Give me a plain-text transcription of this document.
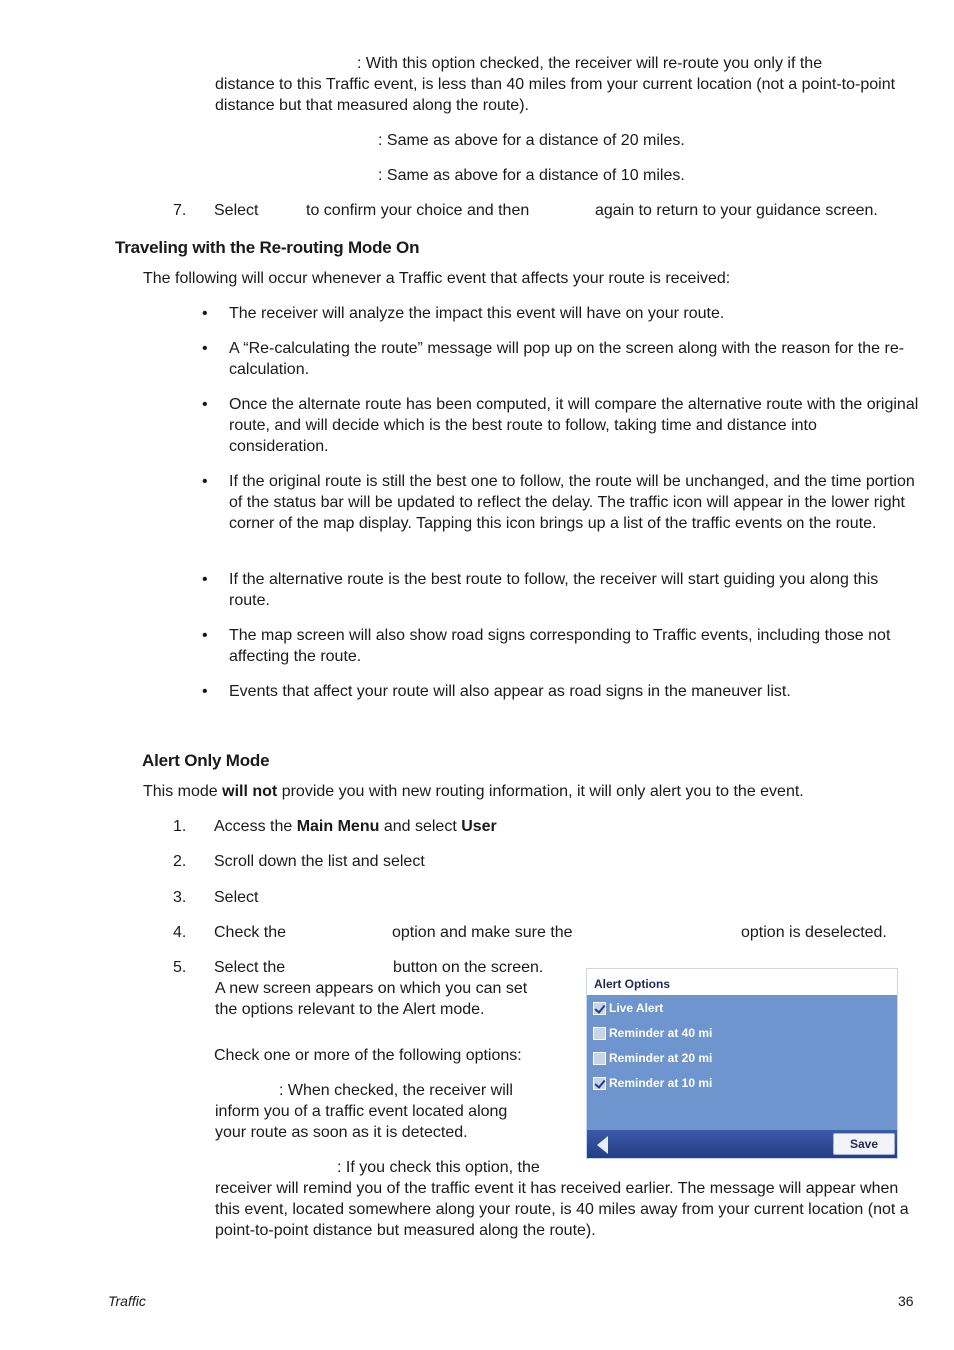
: With this option checked, the receiver will re-route you only if the
distance to this Traffic event, is less than 40 miles from your current location (not a point-to-point distance but that measured along the route).
: Same as above for a distance of 20 miles.
: Same as above for a distance of 10 miles.
7. Select	to confirm your choice and then	again to return to your guidance screen.
Traveling with the Re-routing Mode On
The following will occur whenever a Traffic event that affects your route is received:
• The receiver will analyze the impact this event will have on your route.
• A “Re-calculating the route” message will pop up on the screen along with the reason for the re-calculation.
• Once the alternate route has been computed, it will compare the alternative route with the original route, and will decide which is the best route to follow, taking time and distance into consideration.
• If the original route is still the best one to follow, the route will be unchanged, and the time portion of the status bar will be updated to reflect the delay. The traffic icon will appear in the lower right corner of the map display. Tapping this icon brings up a list of the traffic events on the route.
• If the alternative route is the best route to follow, the receiver will start guiding you along this route.
• The map screen will also show road signs corresponding to Traffic events, including those not affecting the route.
• Events that affect your route will also appear as road signs in the maneuver list.
Alert Only Mode
This mode will not provide you with new routing information, it will only alert you to the event.
1. Access the Main Menu and select User
2. Scroll down the list and select
3. Select
4. Check the	option and make sure the	option is deselected.
5. Select the	button on the screen.
A new screen appears on which you can set
the options relevant to the Alert mode.
Check one or more of the following options:
: When checked, the receiver will
inform you of a traffic event located along
your route as soon as it is detected.
: If you check this option, the
receiver will remind you of the traffic event it has received earlier. The message will appear when this event, located somewhere along your route, is 40 miles away from your current location (not a point-to-point distance but measured along the route).
Alert Options
Live Alert
Reminder at 40 mi
Reminder at 20 mi
Reminder at 10 mi
Save
Traffic	36
